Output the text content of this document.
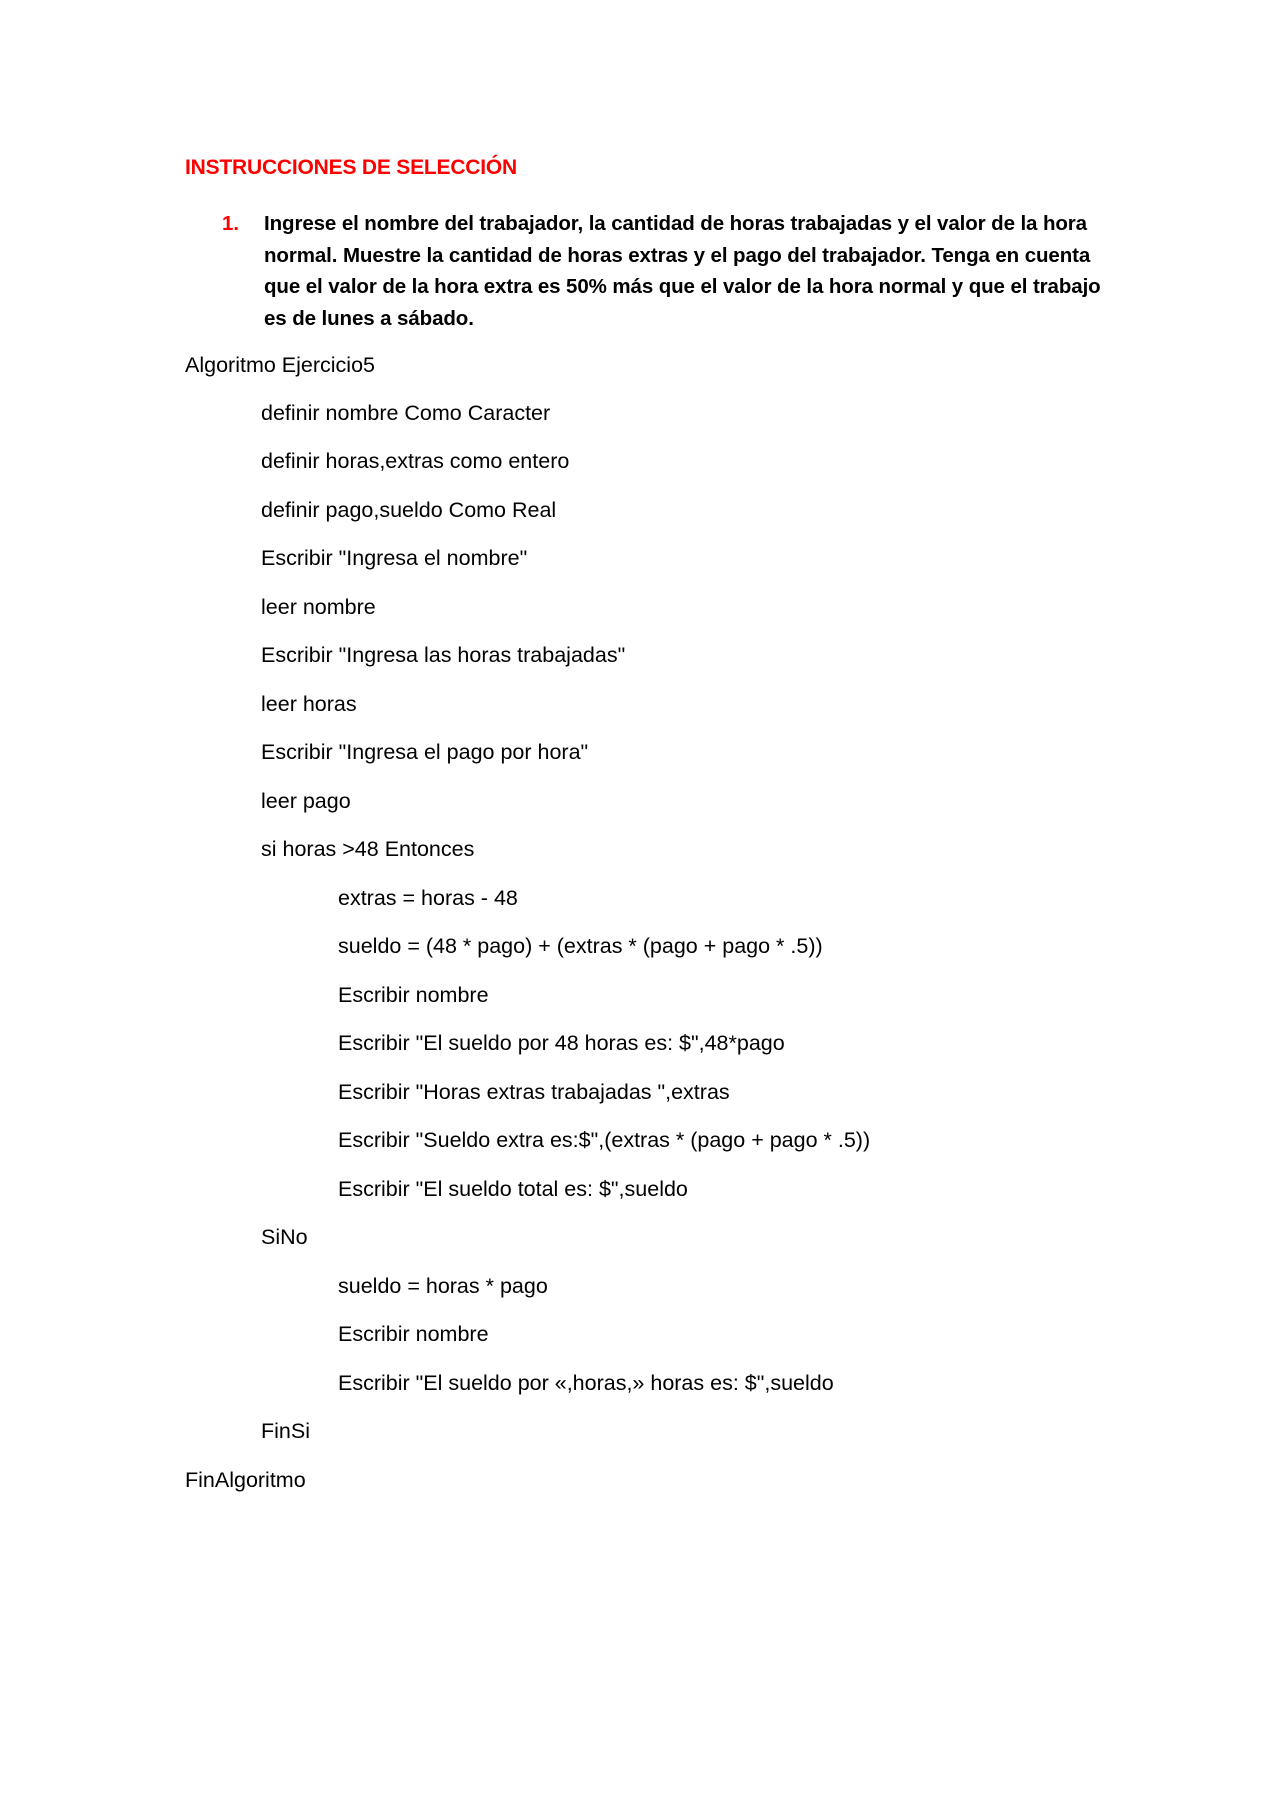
INSTRUCCIONES DE SELECCIÓN
1.	Ingrese el nombre del trabajador, la cantidad de horas trabajadas y el valor de la hora normal. Muestre la cantidad de horas extras y el pago del trabajador. Tenga en cuenta que el valor de la hora extra es 50% más que el valor de la hora normal y que el trabajo es de lunes a sábado.
Algoritmo Ejercicio5
definir nombre Como Caracter
definir horas,extras como entero
definir pago,sueldo Como Real
Escribir "Ingresa el nombre"
leer nombre
Escribir "Ingresa las horas trabajadas"
leer horas
Escribir "Ingresa el pago por hora"
leer pago
si horas >48 Entonces
extras = horas - 48
sueldo = (48 * pago) + (extras * (pago + pago * .5))
Escribir nombre
Escribir "El sueldo por 48 horas es: $",48*pago
Escribir "Horas extras trabajadas ",extras
Escribir "Sueldo extra es:$",(extras * (pago + pago * .5))
Escribir "El sueldo total es: $",sueldo
SiNo
sueldo = horas * pago
Escribir nombre
Escribir "El sueldo por «,horas,» horas es: $",sueldo
FinSi
FinAlgoritmo
